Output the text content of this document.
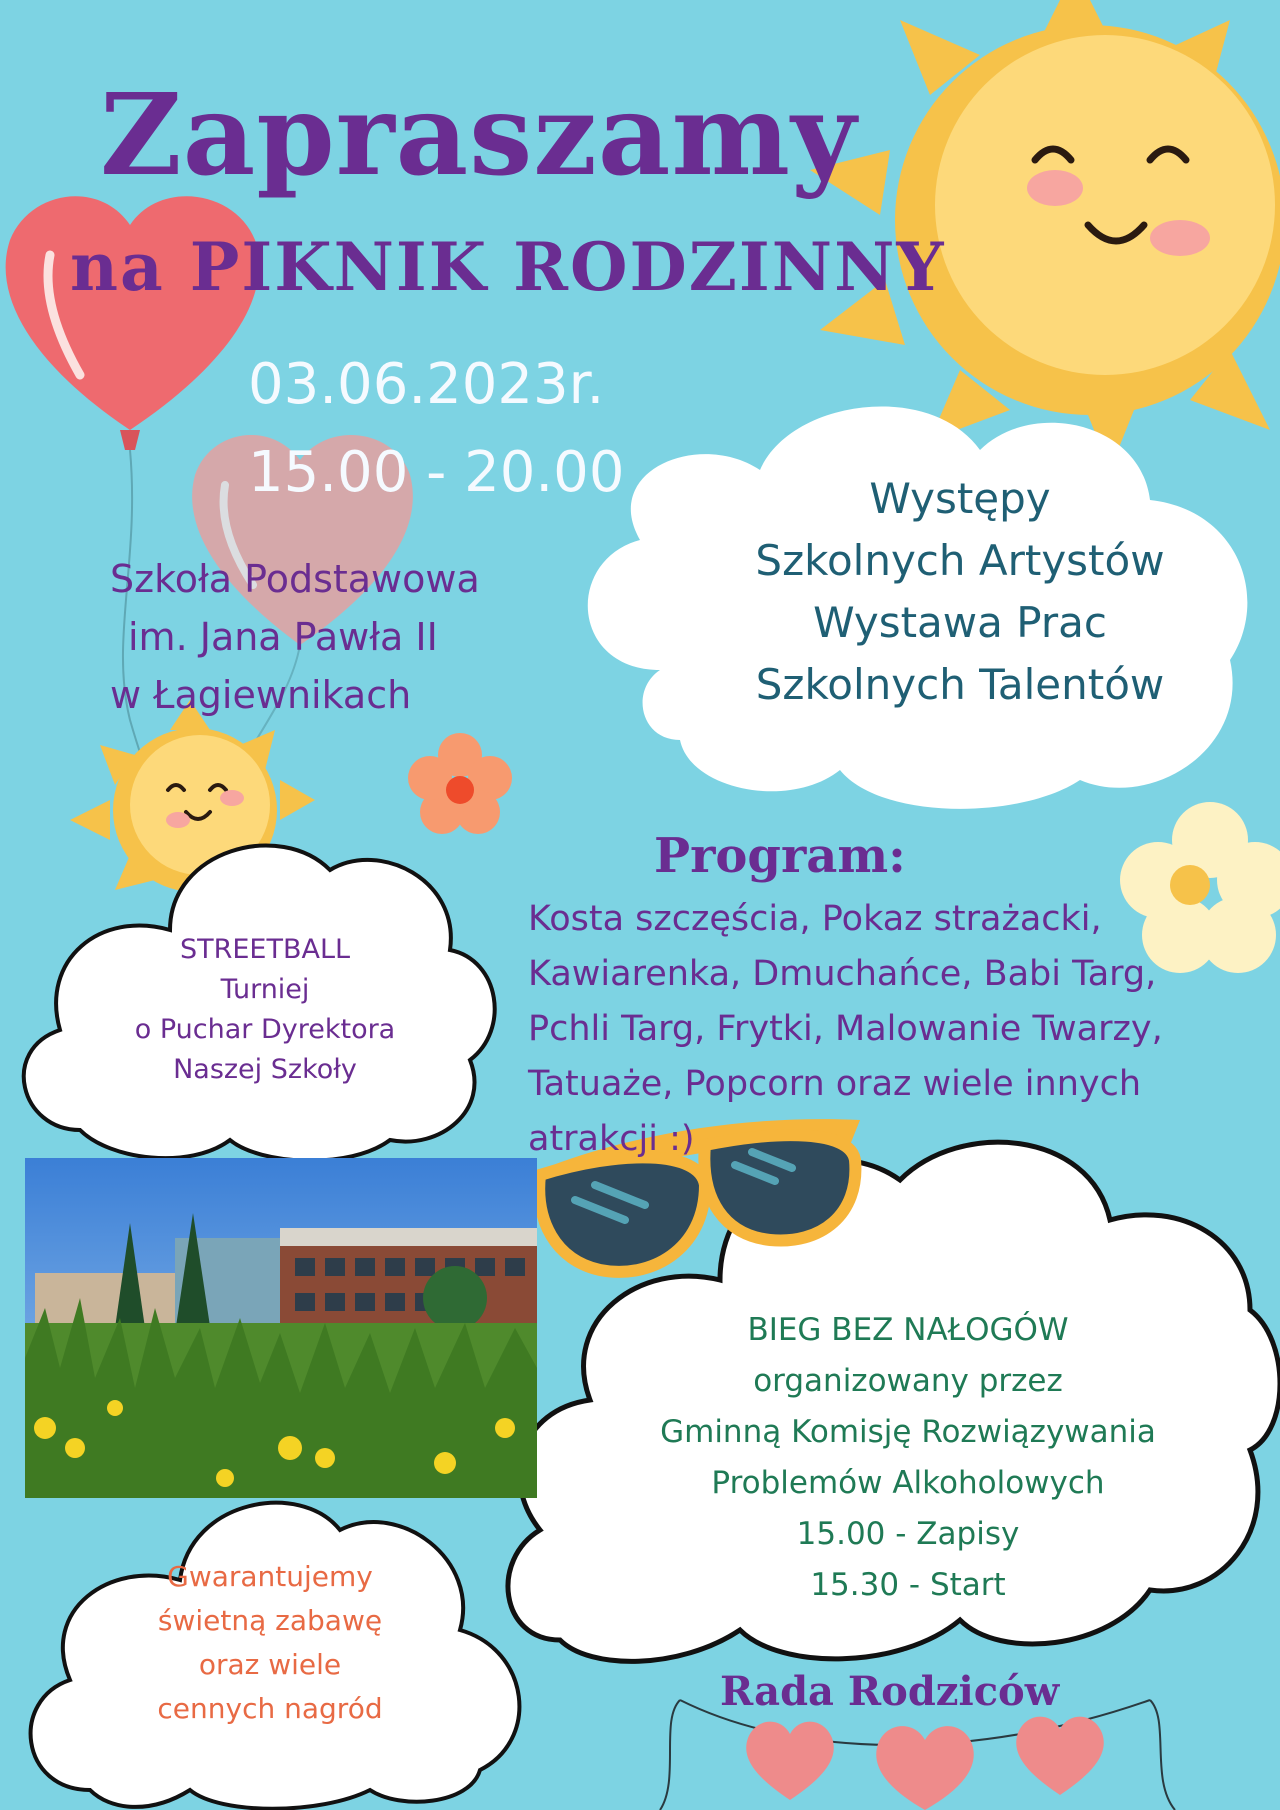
Zapraszamy
na PIKNIK RODZINNY
03.06.2023r.
15.00 - 20.00
Szkoła Podstawowa
im. Jana Pawła II
w Łagiewnikach
Występy
Szkolnych Artystów
Wystawa Prac
Szkolnych Talentów
Program:
Kosta szczęścia, Pokaz strażacki,
Kawiarenka, Dmuchańce, Babi Targ,
Pchli Targ, Frytki, Malowanie Twarzy,
Tatuaże, Popcorn oraz wiele innych
atrakcji :)
STREETBALL
Turniej
o Puchar Dyrektora
Naszej Szkoły
BIEG BEZ NAŁOGÓW
organizowany przez
Gminną Komisję Rozwiązywania
Problemów Alkoholowych
15.00 - Zapisy
15.30 - Start
Gwarantujemy
świetną zabawę
oraz wiele
cennych nagród	Rada Rodziców
